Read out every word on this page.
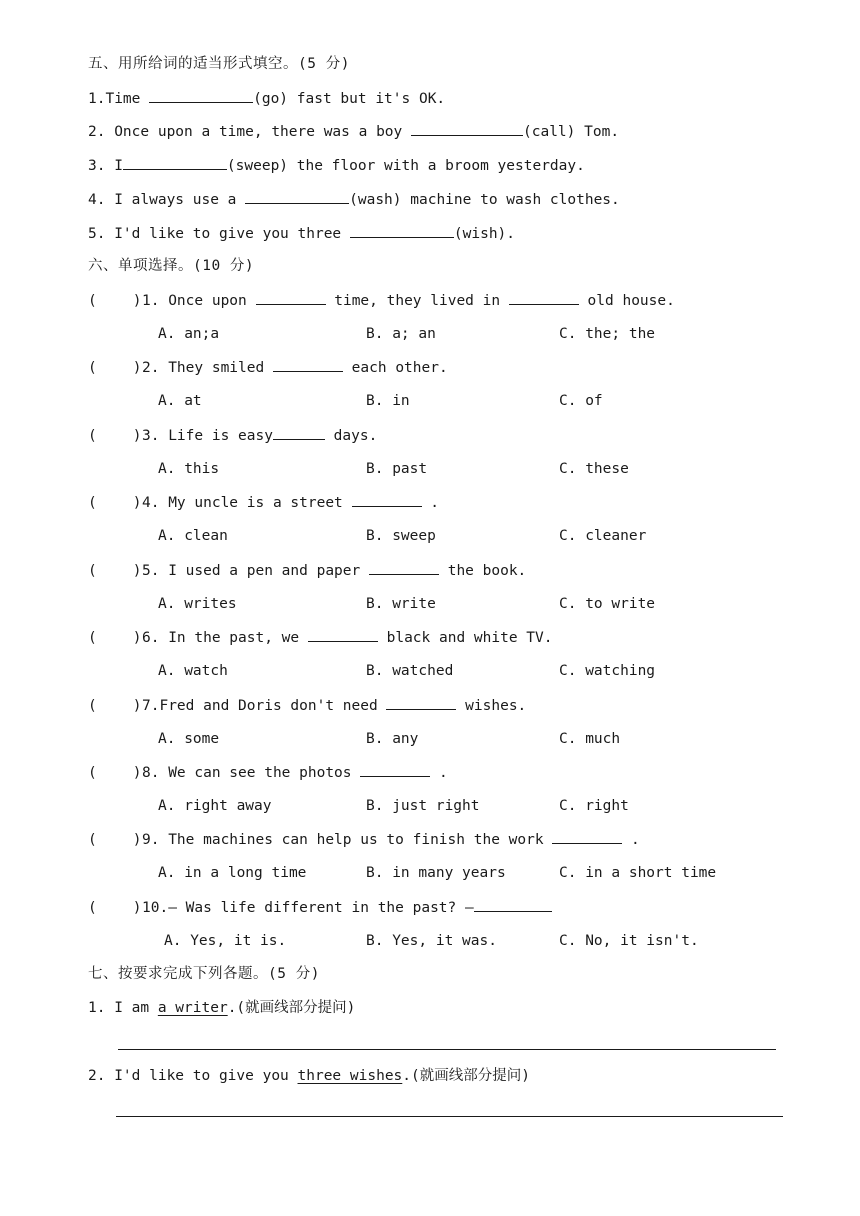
五、用所给词的适当形式填空。(5 分)
1.Time	(go) fast but it's OK.
2. Once upon a time, there was a boy	(call) Tom.
3. I	(sweep) the floor with a broom yesterday.
4. I always use a	(wash) machine to wash clothes.
5. I'd like to give you three	(wish).
六、单项选择。(10 分)
( )1. Once upon	time, they lived in	old house.
A. an;a	B. a; an	C. the; the
( )2. They smiled	each other.
A. at	B. in	C. of
( )3. Life is easy	days.
A. this	B. past	C. these
( )4. My uncle is a street	.
A. clean	B. sweep	C. cleaner
( )5. I used a pen and paper	the book.
A. writes	B. write	C. to write
( )6. In the past, we	black and white TV.
A. watch	B. watched	C. watching
( )7.Fred and Doris don't need	wishes.
A. some	B. any	C. much
( )8. We can see the photos	.
A. right away	B. just right	C. right
( )9. The machines can help us to finish the work	.
A. in a long time	B. in many years	C. in a short time
( )10.— Was life different in the past? —
A. Yes, it is.	B. Yes, it was.	C. No, it isn't.
七、按要求完成下列各题。(5 分)
1. I am a writer.(就画线部分提问)
2. I'd like to give you three wishes.(就画线部分提问)
